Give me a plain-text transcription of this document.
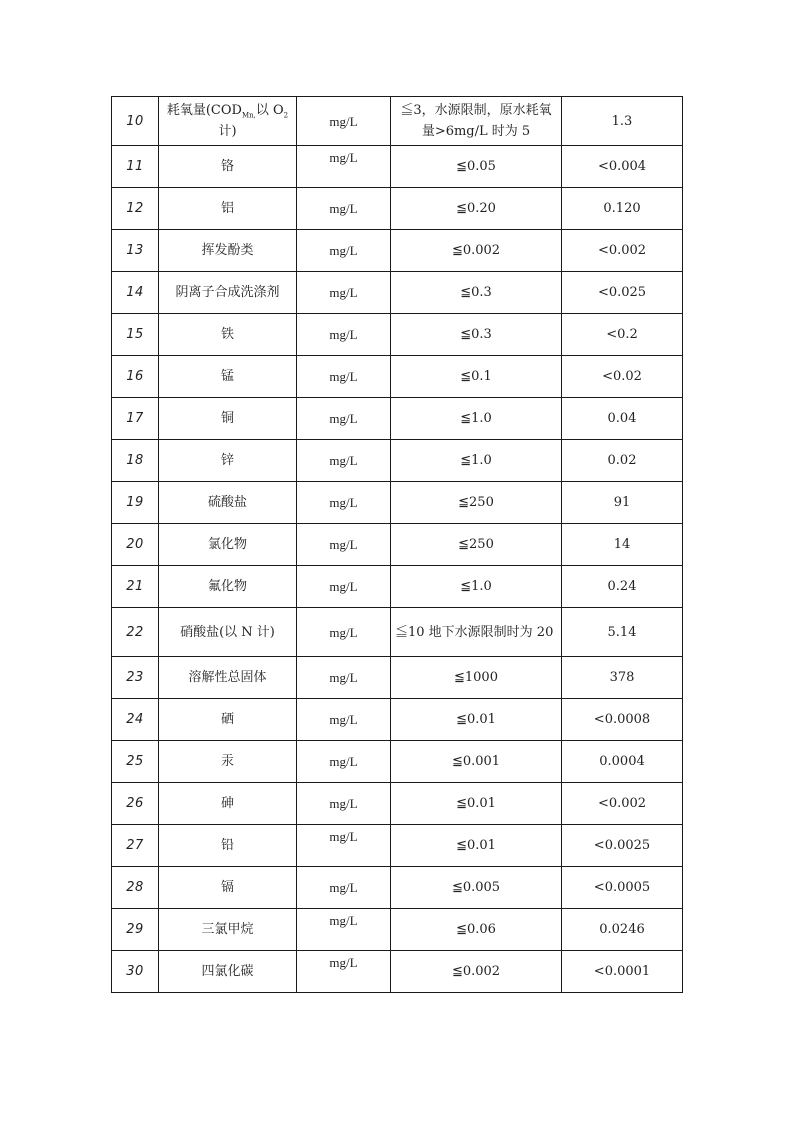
10	耗氧量($COD_{Mn,}$以 $O_2$
计)	mg/L	≦3，水源限制，原水耗氧量>6mg/L 时为 5	1.3
11	铬	mg/L	≦0.05	<0.004
12	铝	mg/L	≦0.20	0.120
13	挥发酚类	mg/L	≦0.002	<0.002
14	阴离子合成洗涤剂	mg/L	≦0.3	<0.025
15	铁	mg/L	≦0.3	<0.2
16	锰	mg/L	≦0.1	<0.02
17	铜	mg/L	≦1.0	0.04
18	锌	mg/L	≦1.0	0.02
19	硫酸盐	mg/L	≦250	91
20	氯化物	mg/L	≦250	14
21	氟化物	mg/L	≦1.0	0.24
22	硝酸盐(以 N 计)	mg/L	≦10 地下水源限制时为 20	5.14
23	溶解性总固体	mg/L	≦1000	378
24	硒	mg/L	≦0.01	<0.0008
25	汞	mg/L	≦0.001	0.0004
26	砷	mg/L	≦0.01	<0.002
27	铅	mg/L	≦0.01	<0.0025
28	镉	mg/L	≦0.005	<0.0005
29	三氯甲烷	mg/L	≦0.06	0.0246
30	四氯化碳	mg/L	≦0.002	<0.0001
